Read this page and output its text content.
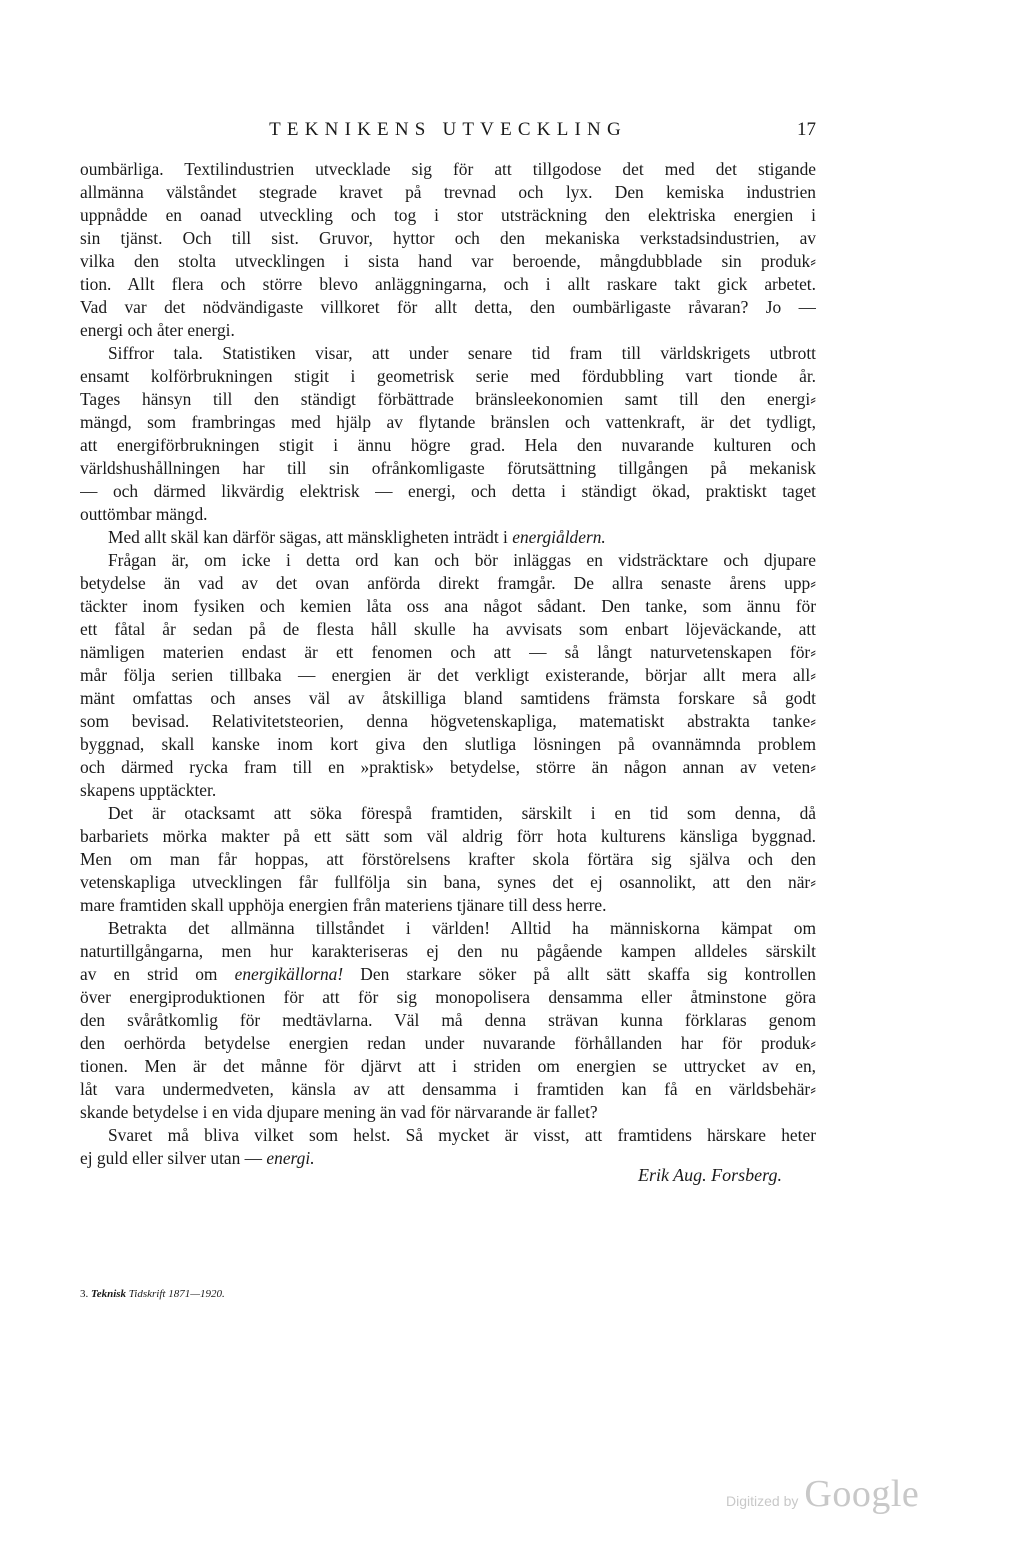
TEKNIKENS UTVECKLING	17
oumbärliga. Textilindustrien utvecklade sig för att tillgodose det med det stigande
allmänna välståndet stegrade kravet på trevnad och lyx. Den kemiska industrien
uppnådde en oanad utveckling och tog i stor utsträckning den elektriska energien i
sin tjänst. Och till sist. Gruvor, hyttor och den mekaniska verkstadsindustrien, av
vilka den stolta utvecklingen i sista hand var beroende, mångdubblade sin produk⸗
tion. Allt flera och större blevo anläggningarna, och i allt raskare takt gick arbetet.
Vad var det nödvändigaste villkoret för allt detta, den oumbärligaste råvaran? Jo —
energi och åter energi.
Siffror tala. Statistiken visar, att under senare tid fram till världskrigets utbrott
ensamt kolförbrukningen stigit i geometrisk serie med fördubbling vart tionde år.
Tages hänsyn till den ständigt förbättrade bränsleekonomien samt till den energi⸗
mängd, som frambringas med hjälp av flytande bränslen och vattenkraft, är det tydligt,
att energiförbrukningen stigit i ännu högre grad. Hela den nuvarande kulturen och
världshushållningen har till sin ofrånkomligaste förutsättning tillgången på mekanisk
— och därmed likvärdig elektrisk — energi, och detta i ständigt ökad, praktiskt taget
outtömbar mängd.
Med allt skäl kan därför sägas, att mänskligheten inträdt i energiåldern.
Frågan är, om icke i detta ord kan och bör inläggas en vidsträcktare och djupare
betydelse än vad av det ovan anförda direkt framgår. De allra senaste årens upp⸗
täckter inom fysiken och kemien låta oss ana något sådant. Den tanke, som ännu för
ett fåtal år sedan på de flesta håll skulle ha avvisats som enbart löjeväckande, att
nämligen materien endast är ett fenomen och att — så långt naturvetenskapen för⸗
mår följa serien tillbaka — energien är det verkligt existerande, börjar allt mera all⸗
mänt omfattas och anses väl av åtskilliga bland samtidens främsta forskare så godt
som bevisad. Relativitetsteorien, denna högvetenskapliga, matematiskt abstrakta tanke⸗
byggnad, skall kanske inom kort giva den slutliga lösningen på ovannämnda problem
och därmed rycka fram till en »praktisk» betydelse, större än någon annan av veten⸗
skapens upptäckter.
Det är otacksamt att söka förespå framtiden, särskilt i en tid som denna, då
barbariets mörka makter på ett sätt som väl aldrig förr hota kulturens känsliga byggnad.
Men om man får hoppas, att förstörelsens krafter skola förtära sig själva och den
vetenskapliga utvecklingen får fullfölja sin bana, synes det ej osannolikt, att den när⸗
mare framtiden skall upphöja energien från materiens tjänare till dess herre.
Betrakta det allmänna tillståndet i världen! Alltid ha människorna kämpat om
naturtillgångarna, men hur karakteriseras ej den nu pågående kampen alldeles särskilt
av en strid om energikällorna! Den starkare söker på allt sätt skaffa sig kontrollen
över energiproduktionen för att för sig monopolisera densamma eller åtminstone göra
den svåråtkomlig för medtävlarna. Väl må denna strävan kunna förklaras genom
den oerhörda betydelse energien redan under nuvarande förhållanden har för produk⸗
tionen. Men är det månne för djärvt att i striden om energien se uttrycket av en,
låt vara undermedveten, känsla av att densamma i framtiden kan få en världsbehär⸗
skande betydelse i en vida djupare mening än vad för närvarande är fallet?
Svaret må bliva vilket som helst. Så mycket är visst, att framtidens härskare heter
ej guld eller silver utan — energi.
Erik Aug. Forsberg.
3. Teknisk Tidskrift 1871—1920.
Digitized by Google
